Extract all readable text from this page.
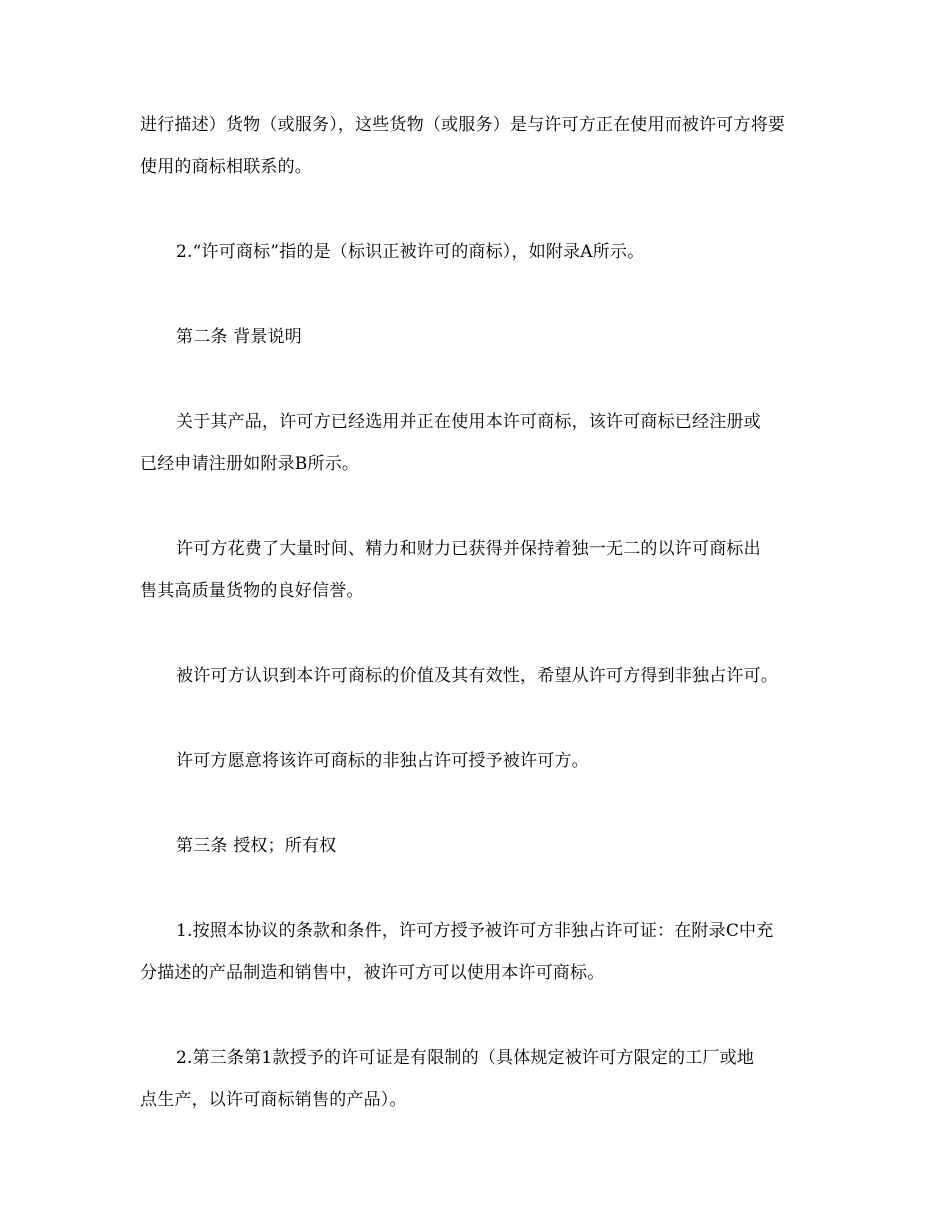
进行描述）货物（或服务），这些货物（或服务）是与许可方正在使用而被许可方将要
使用的商标相联系的。
2.“许可商标”指的是（标识正被许可的商标），如附录A所示。
第二条 背景说明
关于其产品，许可方已经选用并正在使用本许可商标，该许可商标已经注册或
已经申请注册如附录B所示。
许可方花费了大量时间、精力和财力已获得并保持着独一无二的以许可商标出
售其高质量货物的良好信誉。
被许可方认识到本许可商标的价值及其有效性，希望从许可方得到非独占许可。
许可方愿意将该许可商标的非独占许可授予被许可方。
第三条 授权；所有权
1.按照本协议的条款和条件，许可方授予被许可方非独占许可证：在附录C中充
分描述的产品制造和销售中，被许可方可以使用本许可商标。
2.第三条第1款授予的许可证是有限制的（具体规定被许可方限定的工厂或地
点生产，以许可商标销售的产品）。
